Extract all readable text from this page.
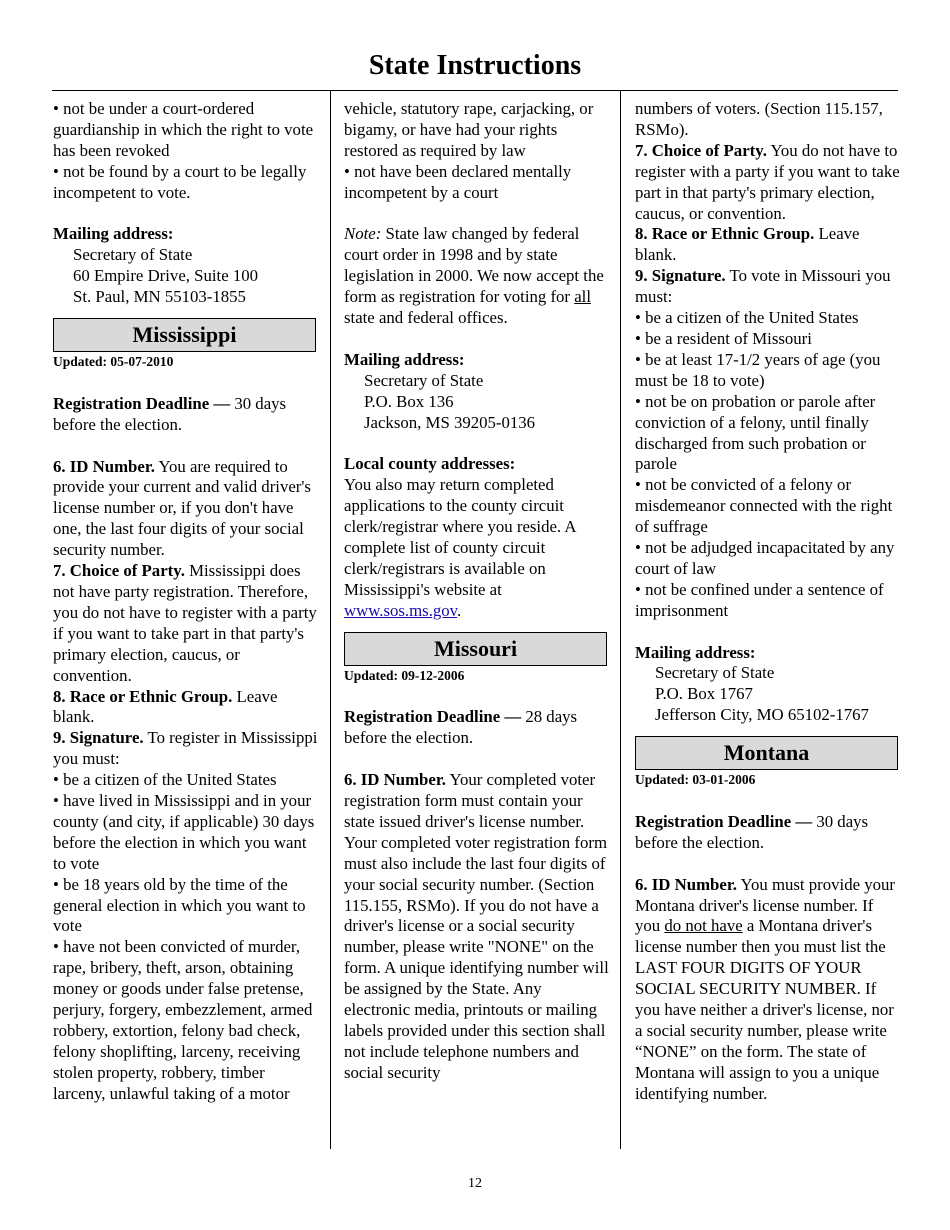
State Instructions

• not be under a court-ordered guardianship in which the right to vote has been revoked

• not be found by a court to be legally incompetent to vote.

Mailing address:

Secretary of State

60 Empire Drive, Suite 100

St. Paul, MN 55103-1855

Mississippi

Updated: 05-07-2010

Registration Deadline — 30 days before the election.

6. ID Number. You are required to provide your current and valid driver's license number or, if you don't have one, the last four digits of your social security number.

7. Choice of Party. Mississippi does not have party registration. Therefore, you do not have to register with a party if you want to take part in that party's primary election, caucus, or convention.

8. Race or Ethnic Group. Leave blank.

9. Signature. To register in Mississippi you must:

• be a citizen of the United States

• have lived in Mississippi and in your county (and city, if applicable) 30 days before the election in which you want to vote

• be 18 years old by the time of the general election in which you want to vote

• have not been convicted of murder, rape, bribery, theft, arson, obtaining money or goods under false pretense, perjury, forgery, embezzlement, armed robbery, extortion, felony bad check, felony shoplifting, larceny, receiving stolen property, robbery, timber larceny, unlawful taking of a motor

vehicle, statutory rape, carjacking, or bigamy, or have had your rights restored as required by law

• not have been declared mentally incompetent by a court

Note: State law changed by federal court order in 1998 and by state legislation in 2000. We now accept the form as registration for voting for all state and federal offices.

Mailing address:

Secretary of State

P.O. Box 136

Jackson, MS 39205-0136

Local county addresses:

You also may return completed applications to the county circuit clerk/registrar where you reside. A complete list of county circuit clerk/registrars is available on Mississippi's website at www.sos.ms.gov.

Missouri

Updated: 09-12-2006

Registration Deadline — 28 days before the election.

6. ID Number. Your completed voter registration form must contain your state issued driver's license number. Your completed voter registration form must also include the last four digits of your social security number. (Section 115.155, RSMo). If you do not have a driver's license or a social security number, please write "NONE" on the form. A unique identifying number will be assigned by the State. Any electronic media, printouts or mailing labels provided under this section shall not include telephone numbers and social security

numbers of voters. (Section 115.157, RSMo).

7. Choice of Party. You do not have to register with a party if you want to take part in that party's primary election, caucus, or convention.

8. Race or Ethnic Group. Leave blank.

9. Signature. To vote in Missouri you must:

• be a citizen of the United States

• be a resident of Missouri

• be at least 17-1/2 years of age (you must be 18 to vote)

• not be on probation or parole after conviction of a felony, until finally discharged from such probation or parole

• not be convicted of a felony or misdemeanor connected with the right of suffrage

• not be adjudged incapacitated by any court of law

• not be confined under a sentence of imprisonment

Mailing address:

Secretary of State

P.O. Box 1767

Jefferson City, MO 65102-1767

Montana

Updated: 03-01-2006

Registration Deadline — 30 days before the election.

6. ID Number. You must provide your Montana driver's license number. If you do not have a Montana driver's license number then you must list the LAST FOUR DIGITS OF YOUR SOCIAL SECURITY NUMBER. If you have neither a driver's license, nor a social security number, please write “NONE” on the form. The state of Montana will assign to you a unique identifying number.

12
